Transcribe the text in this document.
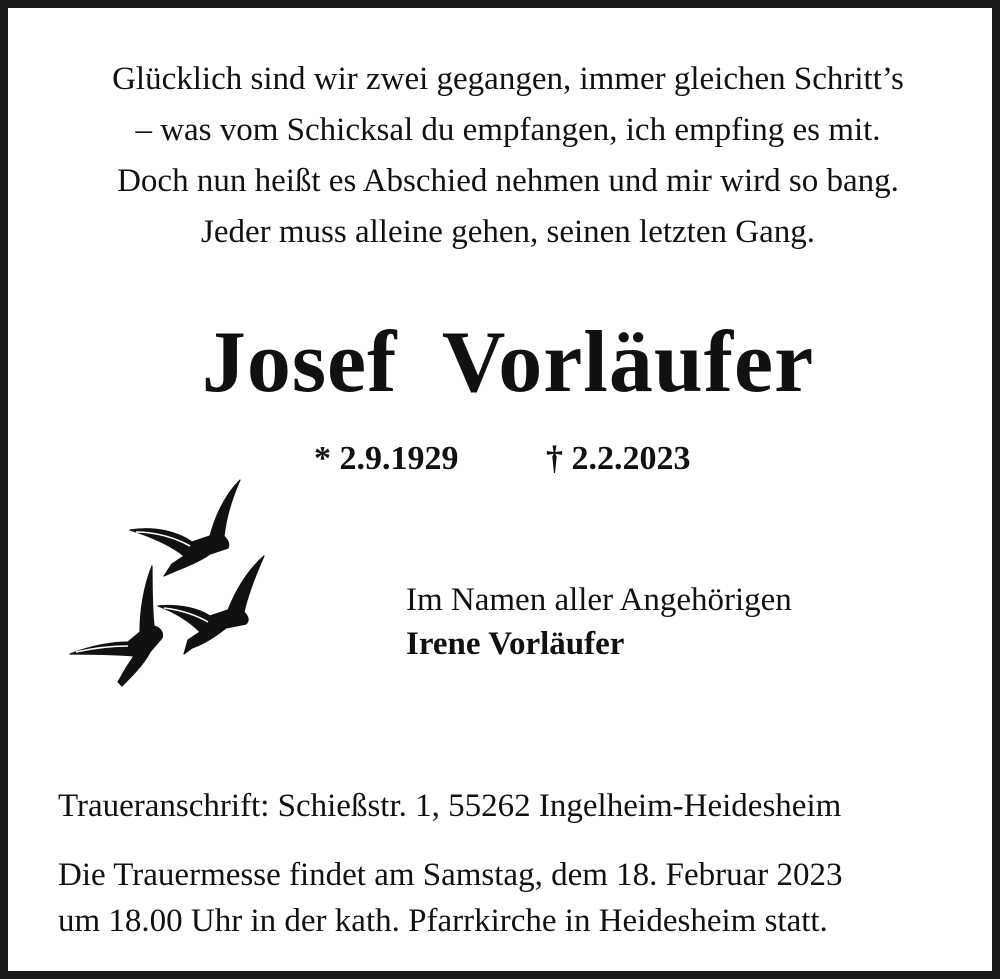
Glücklich sind wir zwei gegangen, immer gleichen Schritt’s
– was vom Schicksal du empfangen, ich empfing es mit.
Doch nun heißt es Abschied nehmen und mir wird so bang.
Jeder muss alleine gehen, seinen letzten Gang.
Josef  Vorläufer
* 2.9.1929	† 2.2.2023
Im Namen aller Angehörigen
Irene Vorläufer
Traueranschrift: Schießstr. 1, 55262 Ingelheim-Heidesheim
Die Trauermesse findet am Samstag, dem 18. Februar 2023
um 18.00 Uhr in der kath. Pfarrkirche in Heidesheim statt.
